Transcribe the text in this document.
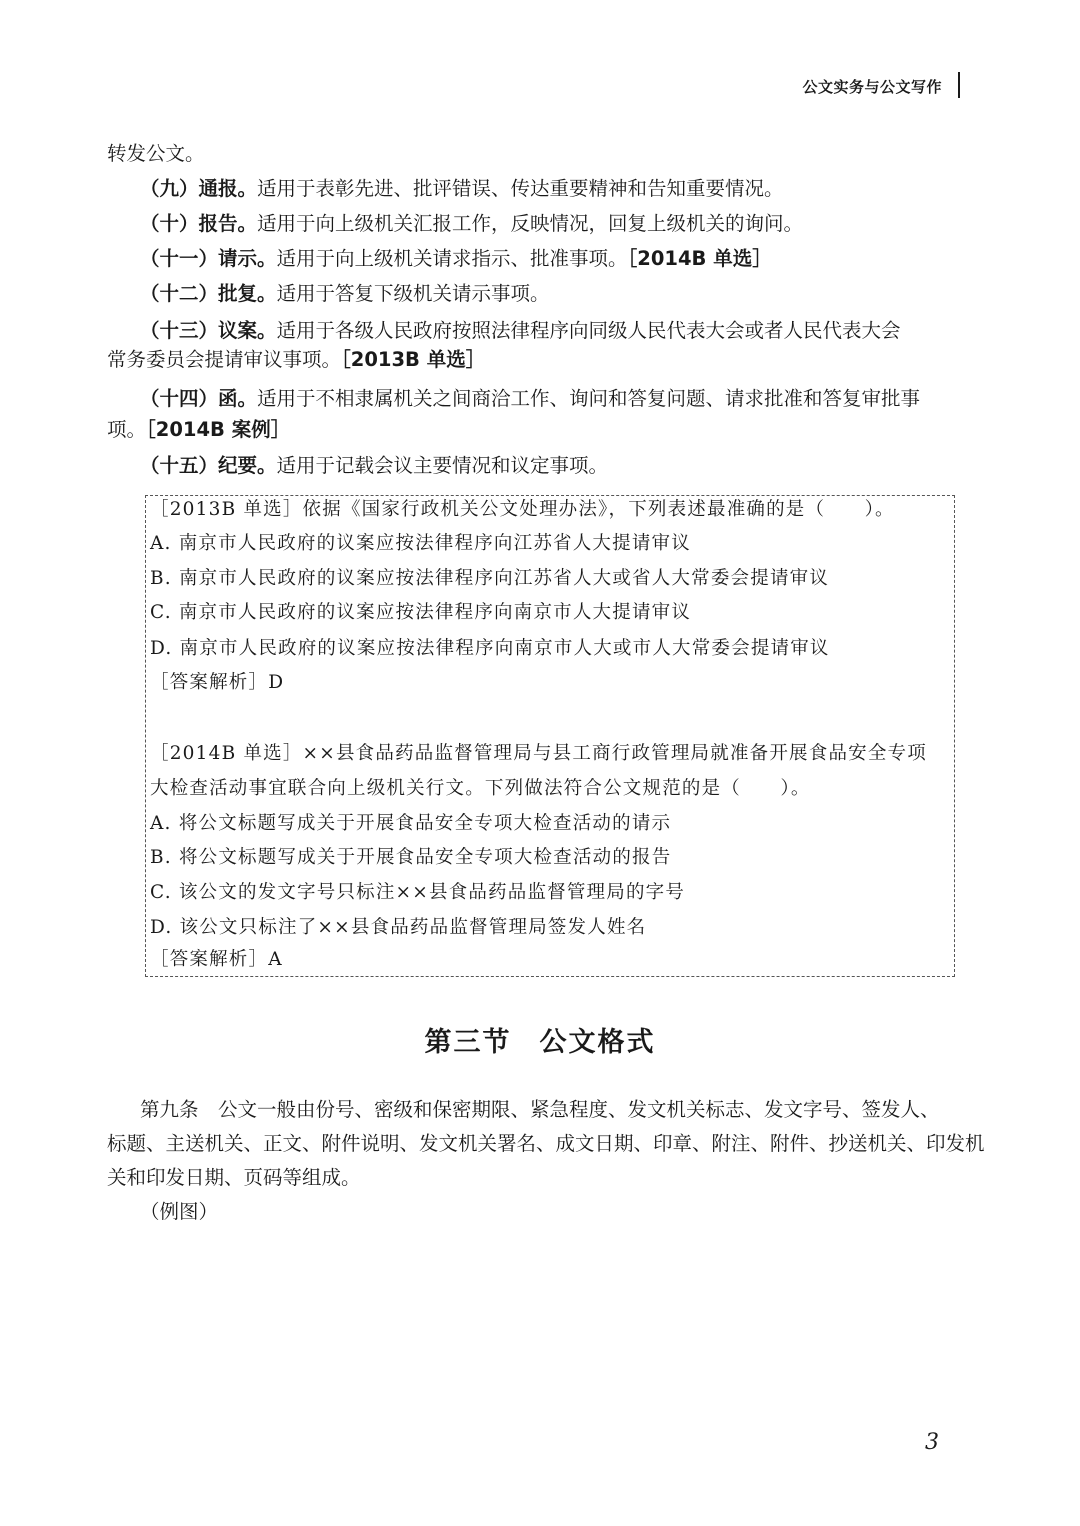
公文实务与公文写作
转发公文。
（九）通报。适用于表彰先进、批评错误、传达重要精神和告知重要情况。
（十）报告。适用于向上级机关汇报工作，反映情况，回复上级机关的询问。
（十一）请示。适用于向上级机关请求指示、批准事项。［2014B 单选］
（十二）批复。适用于答复下级机关请示事项。
（十三）议案。适用于各级人民政府按照法律程序向同级人民代表大会或者人民代表大会
常务委员会提请审议事项。［2013B 单选］
（十四）函。适用于不相隶属机关之间商洽工作、询问和答复问题、请求批准和答复审批事
项。［2014B 案例］
（十五）纪要。适用于记载会议主要情况和议定事项。
［2013B 单选］依据《国家行政机关公文处理办法》，下列表述最准确的是（　　）。
A. 南京市人民政府的议案应按法律程序向江苏省人大提请审议
B. 南京市人民政府的议案应按法律程序向江苏省人大或省人大常委会提请审议
C. 南京市人民政府的议案应按法律程序向南京市人大提请审议
D. 南京市人民政府的议案应按法律程序向南京市人大或市人大常委会提请审议
［答案解析］D
［2014B 单选］××县食品药品监督管理局与县工商行政管理局就准备开展食品安全专项
大检查活动事宜联合向上级机关行文。下列做法符合公文规范的是（　　）。
A. 将公文标题写成关于开展食品安全专项大检查活动的请示
B. 将公文标题写成关于开展食品安全专项大检查活动的报告
C. 该公文的发文字号只标注××县食品药品监督管理局的字号
D. 该公文只标注了××县食品药品监督管理局签发人姓名
［答案解析］A
第三节 公文格式
第九条　 公文一般由份号、密级和保密期限、紧急程度、发文机关标志、发文字号、签发人、
标题、主送机关、正文、附件说明、发文机关署名、成文日期、印章、附注、附件、抄送机关、印发机
关和印发日期、页码等组成。
（例图）
3
